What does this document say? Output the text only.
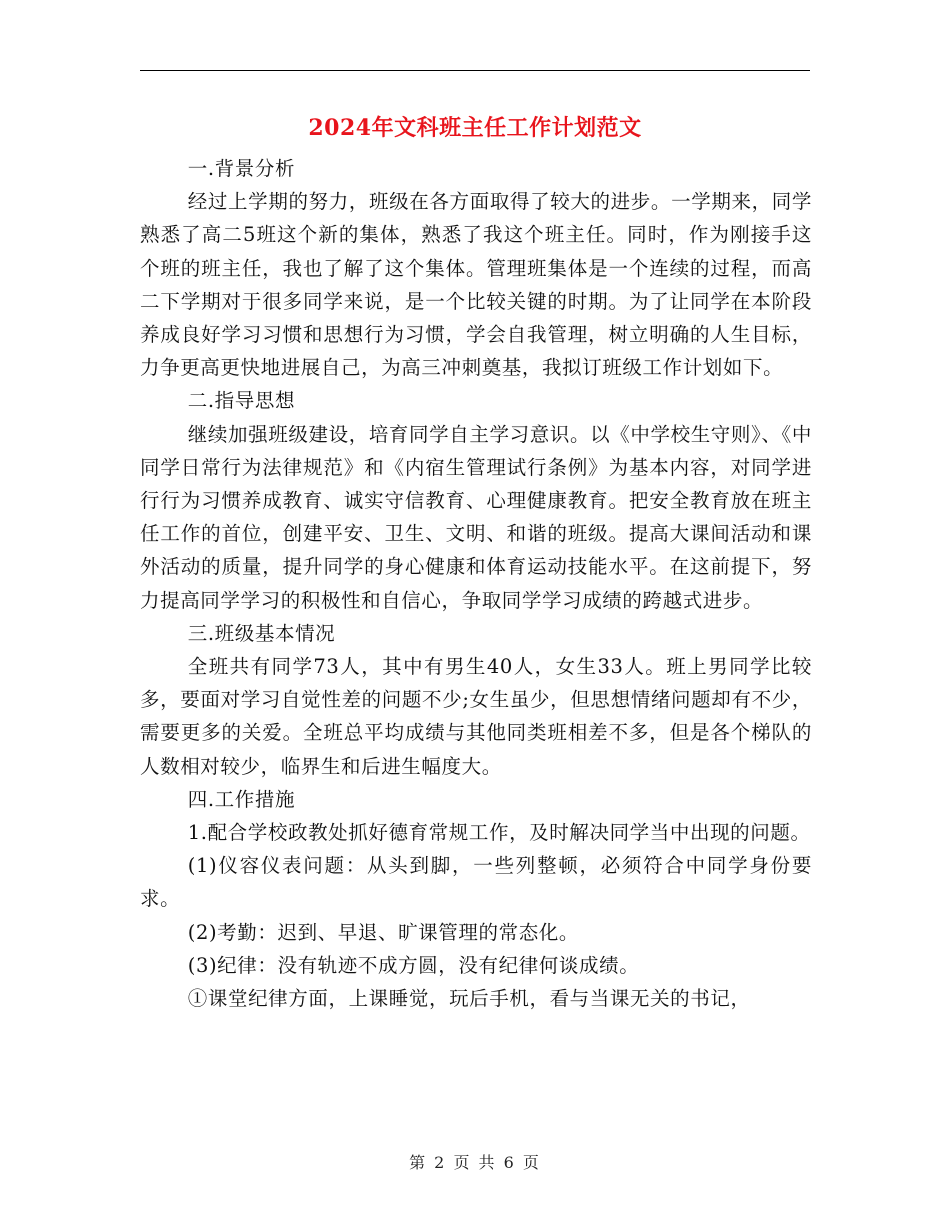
2024年文科班主任工作计划范文

一.背景分析

经过上学期的努力，班级在各方面取得了较大的进步。一学期来，同学熟悉了高二5班这个新的集体，熟悉了我这个班主任。同时，作为刚接手这个班的班主任，我也了解了这个集体。管理班集体是一个连续的过程，而高二下学期对于很多同学来说，是一个比较关键的时期。为了让同学在本阶段养成良好学习习惯和思想行为习惯，学会自我管理，树立明确的人生目标，力争更高更快地进展自己，为高三冲刺奠基，我拟订班级工作计划如下。

二.指导思想

继续加强班级建设，培育同学自主学习意识。以《中学校生守则》、《中同学日常行为法律规范》和《内宿生管理试行条例》为基本内容，对同学进行行为习惯养成教育、诚实守信教育、心理健康教育。把安全教育放在班主任工作的首位，创建平安、卫生、文明、和谐的班级。提高大课间活动和课外活动的质量，提升同学的身心健康和体育运动技能水平。在这前提下，努力提高同学学习的积极性和自信心，争取同学学习成绩的跨越式进步。

三.班级基本情况

全班共有同学73人，其中有男生40人，女生33人。班上男同学比较多，要面对学习自觉性差的问题不少;女生虽少，但思想情绪问题却有不少，需要更多的关爱。全班总平均成绩与其他同类班相差不多，但是各个梯队的人数相对较少，临界生和后进生幅度大。

四.工作措施

1.配合学校政教处抓好德育常规工作，及时解决同学当中出现的问题。

(1)仪容仪表问题：从头到脚，一些列整顿，必须符合中同学身份要求。

(2)考勤：迟到、早退、旷课管理的常态化。

(3)纪律：没有轨迹不成方圆，没有纪律何谈成绩。

①课堂纪律方面，上课睡觉，玩后手机，看与当课无关的书记，

第 2 页 共 6 页
